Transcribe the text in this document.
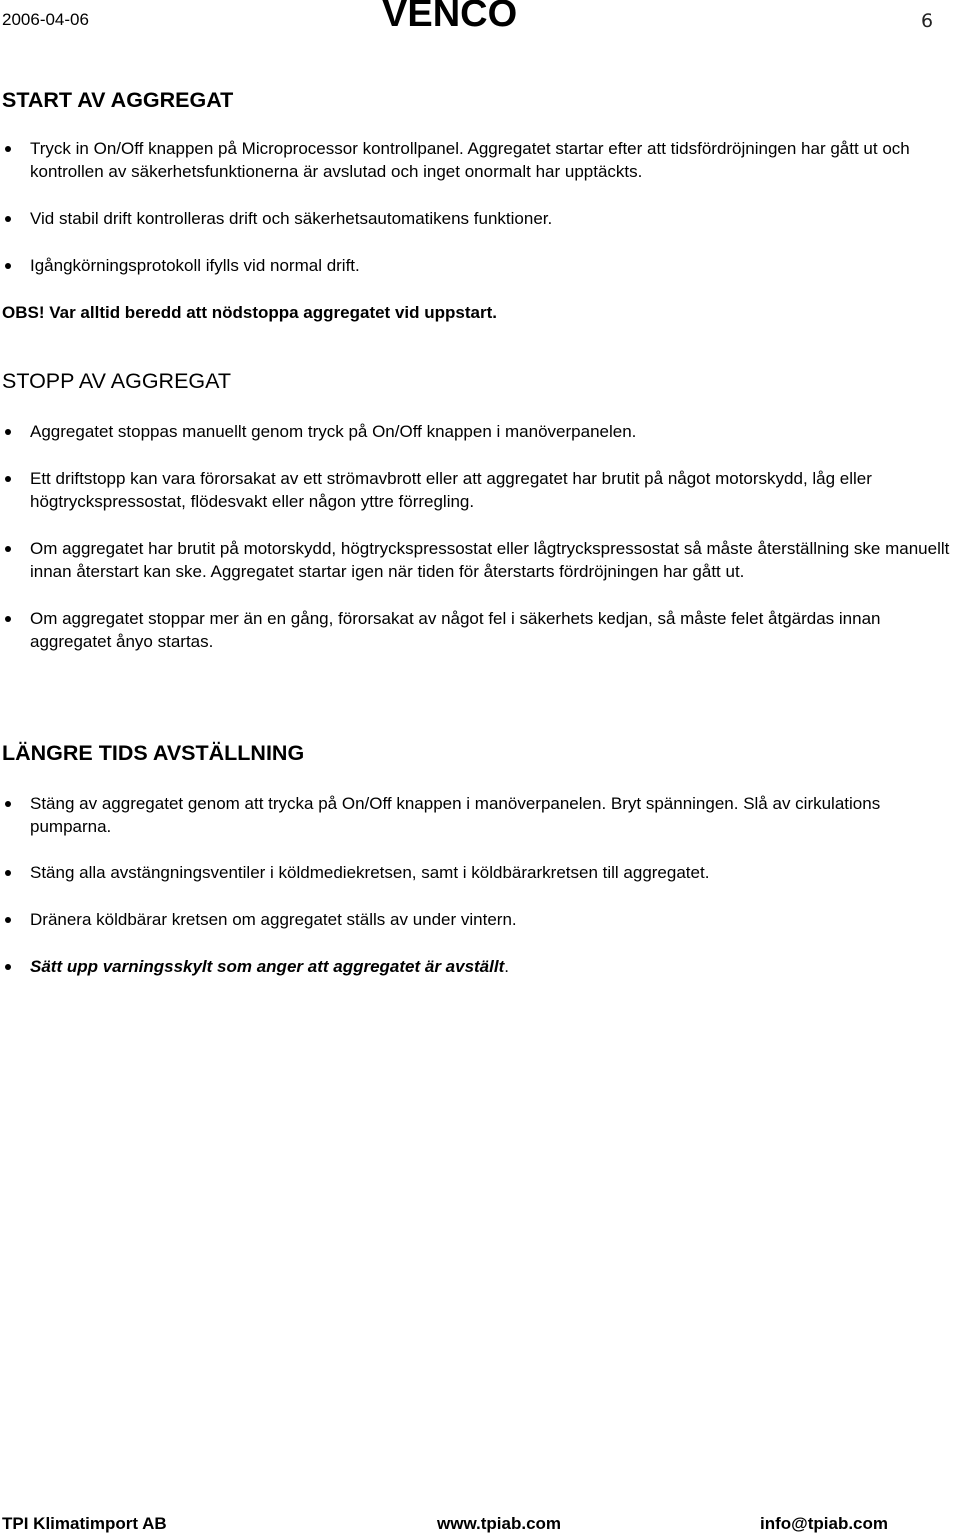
2006-04-06	VENCO	6
START AV AGGREGAT
Tryck in On/Off knappen på Microprocessor kontrollpanel. Aggregatet startar efter att tidsfördröjningen har gått ut och kontrollen av säkerhetsfunktionerna är avslutad och inget onormalt har upptäckts.
Vid stabil drift kontrolleras drift och säkerhetsautomatikens funktioner.
Igångkörningsprotokoll ifylls vid normal drift.
OBS! Var alltid beredd att nödstoppa aggregatet vid uppstart.
STOPP AV AGGREGAT
Aggregatet stoppas manuellt genom tryck på On/Off knappen i manöverpanelen.
Ett driftstopp kan vara förorsakat av ett strömavbrott eller att aggregatet har brutit på något motorskydd, låg eller högtryckspressostat, flödesvakt eller någon yttre förregling.
Om aggregatet har brutit på motorskydd, högtryckspressostat eller lågtryckspressostat så måste återställning ske manuellt innan återstart kan ske. Aggregatet startar igen när tiden för återstarts fördröjningen har gått ut.
Om aggregatet stoppar mer än en gång, förorsakat av något fel i säkerhets kedjan, så måste felet åtgärdas innan aggregatet ånyo startas.
LÄNGRE TIDS AVSTÄLLNING
Stäng av aggregatet genom att trycka på On/Off knappen i manöverpanelen. Bryt spänningen. Slå av cirkulations pumparna.
Stäng alla avstängningsventiler i köldmediekretsen, samt i köldbärarkretsen till aggregatet.
Dränera köldbärar kretsen om aggregatet ställs av under vintern.
Sätt upp varningsskylt som anger att aggregatet är avställt.
TPI Klimatimport AB	www.tpiab.com	info@tpiab.com
